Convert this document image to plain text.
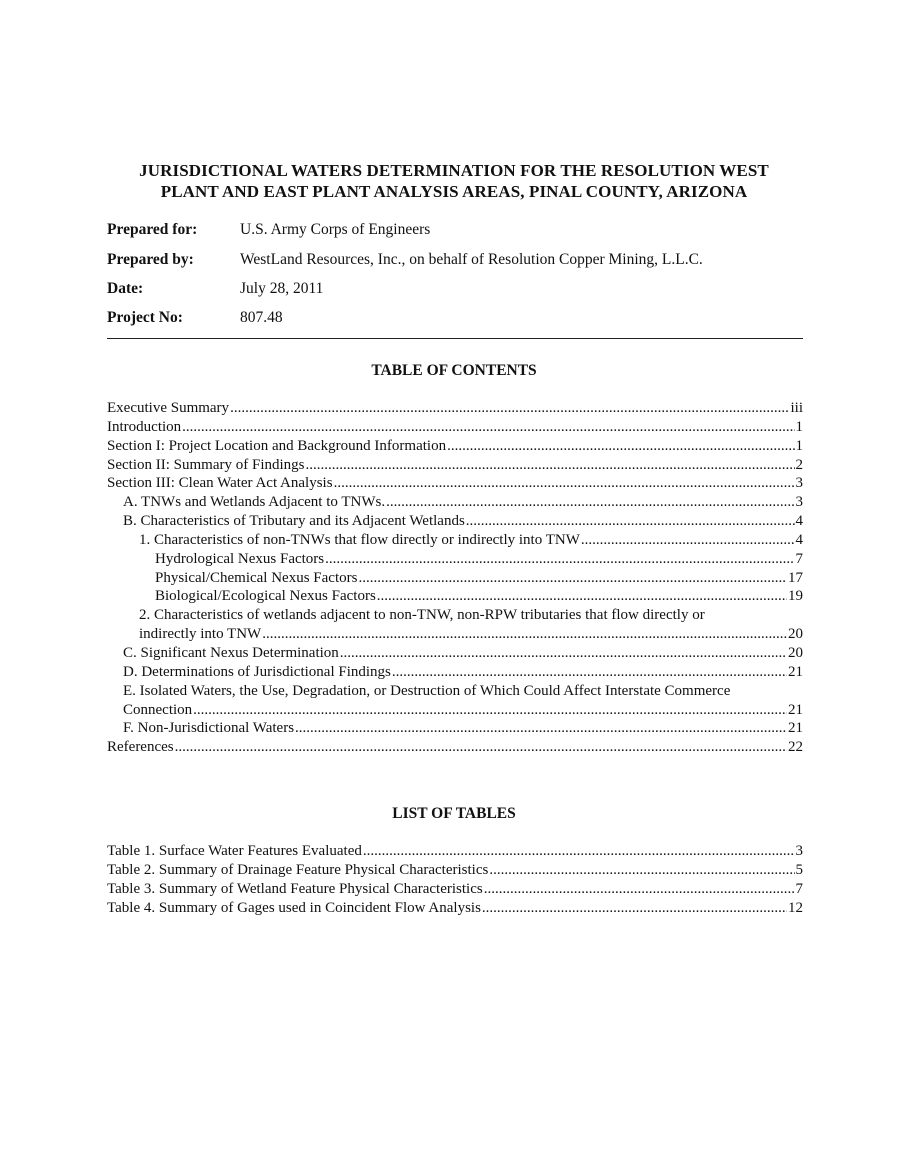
JURISDICTIONAL WATERS DETERMINATION FOR THE RESOLUTION WEST
PLANT AND EAST PLANT ANALYSIS AREAS, PINAL COUNTY, ARIZONA
Prepared for:	U.S. Army Corps of Engineers
Prepared by:	WestLand Resources, Inc., on behalf of Resolution Copper Mining, L.L.C.
Date:	July 28, 2011
Project No:	807.48
TABLE OF CONTENTS
Executive Summary .....	iii
Introduction .....	1
Section I: Project Location and Background Information .....	1
Section II: Summary of Findings .....	2
Section III: Clean Water Act Analysis .....	3
A. TNWs and Wetlands Adjacent to TNWs. .....	3
B. Characteristics of Tributary and its Adjacent Wetlands .....	4
1. Characteristics of non-TNWs that flow directly or indirectly into TNW .....	4
Hydrological Nexus Factors .....	7
Physical/Chemical Nexus Factors .....	17
Biological/Ecological Nexus Factors .....	19
2. Characteristics of wetlands adjacent to non-TNW, non-RPW tributaries that flow directly or
indirectly into TNW .....	20
C. Significant Nexus Determination .....	20
D. Determinations of Jurisdictional Findings .....	21
E. Isolated Waters, the Use, Degradation, or Destruction of Which Could Affect Interstate Commerce
Connection .....	21
F. Non-Jurisdictional Waters .....	21
References .....	22
LIST OF TABLES
Table 1. Surface Water Features Evaluated .....	3
Table 2. Summary of Drainage Feature Physical Characteristics .....	5
Table 3. Summary of Wetland Feature Physical Characteristics .....	7
Table 4. Summary of Gages used in Coincident Flow Analysis .....	12
